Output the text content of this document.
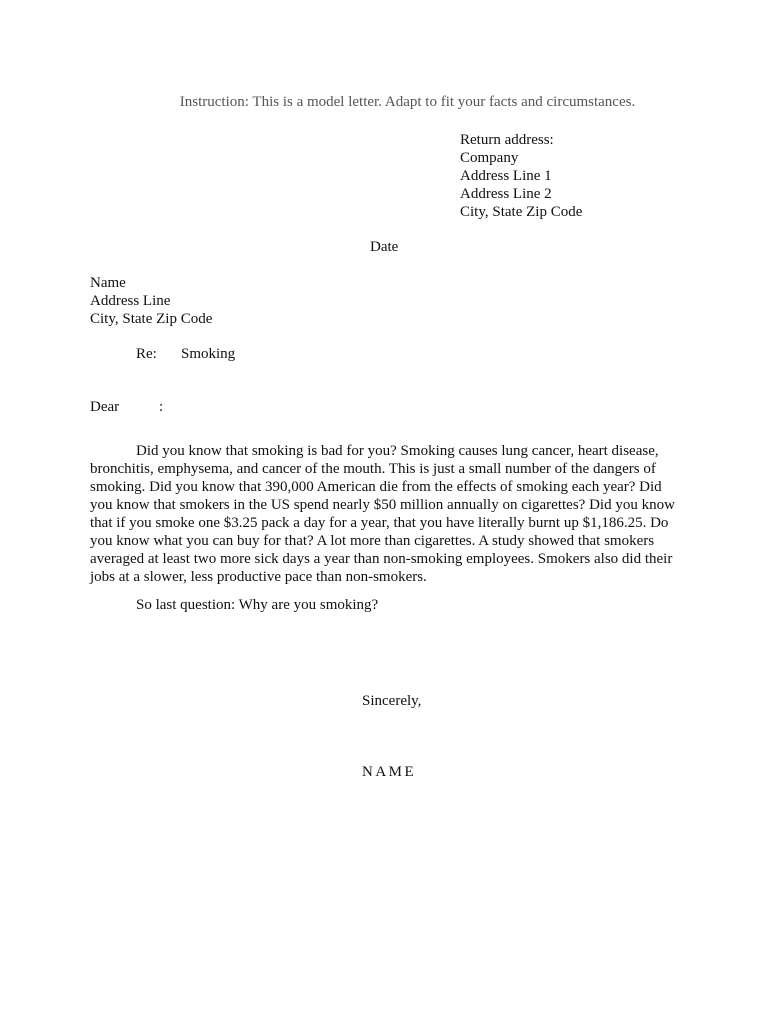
Instruction: This is a model letter. Adapt to fit your facts and circumstances.
Return address:
Company
Address Line 1
Address Line 2
City, State Zip Code
Date
Name
Address Line
City, State Zip Code
Re: Smoking
Dear	:
Did you know that smoking is bad for you? Smoking causes lung cancer, heart disease, bronchitis, emphysema, and cancer of the mouth. This is just a small number of the dangers of smoking. Did you know that 390,000 American die from the effects of smoking each year? Did you know that smokers in the US spend nearly $50 million annually on cigarettes? Did you know that if you smoke one $3.25 pack a day for a year, that you have literally burnt up $1,186.25. Do you know what you can buy for that? A lot more than cigarettes. A study showed that smokers averaged at least two more sick days a year than non-smoking employees. Smokers also did their jobs at a slower, less productive pace than non-smokers.
So last question: Why are you smoking?
Sincerely,
NAME
